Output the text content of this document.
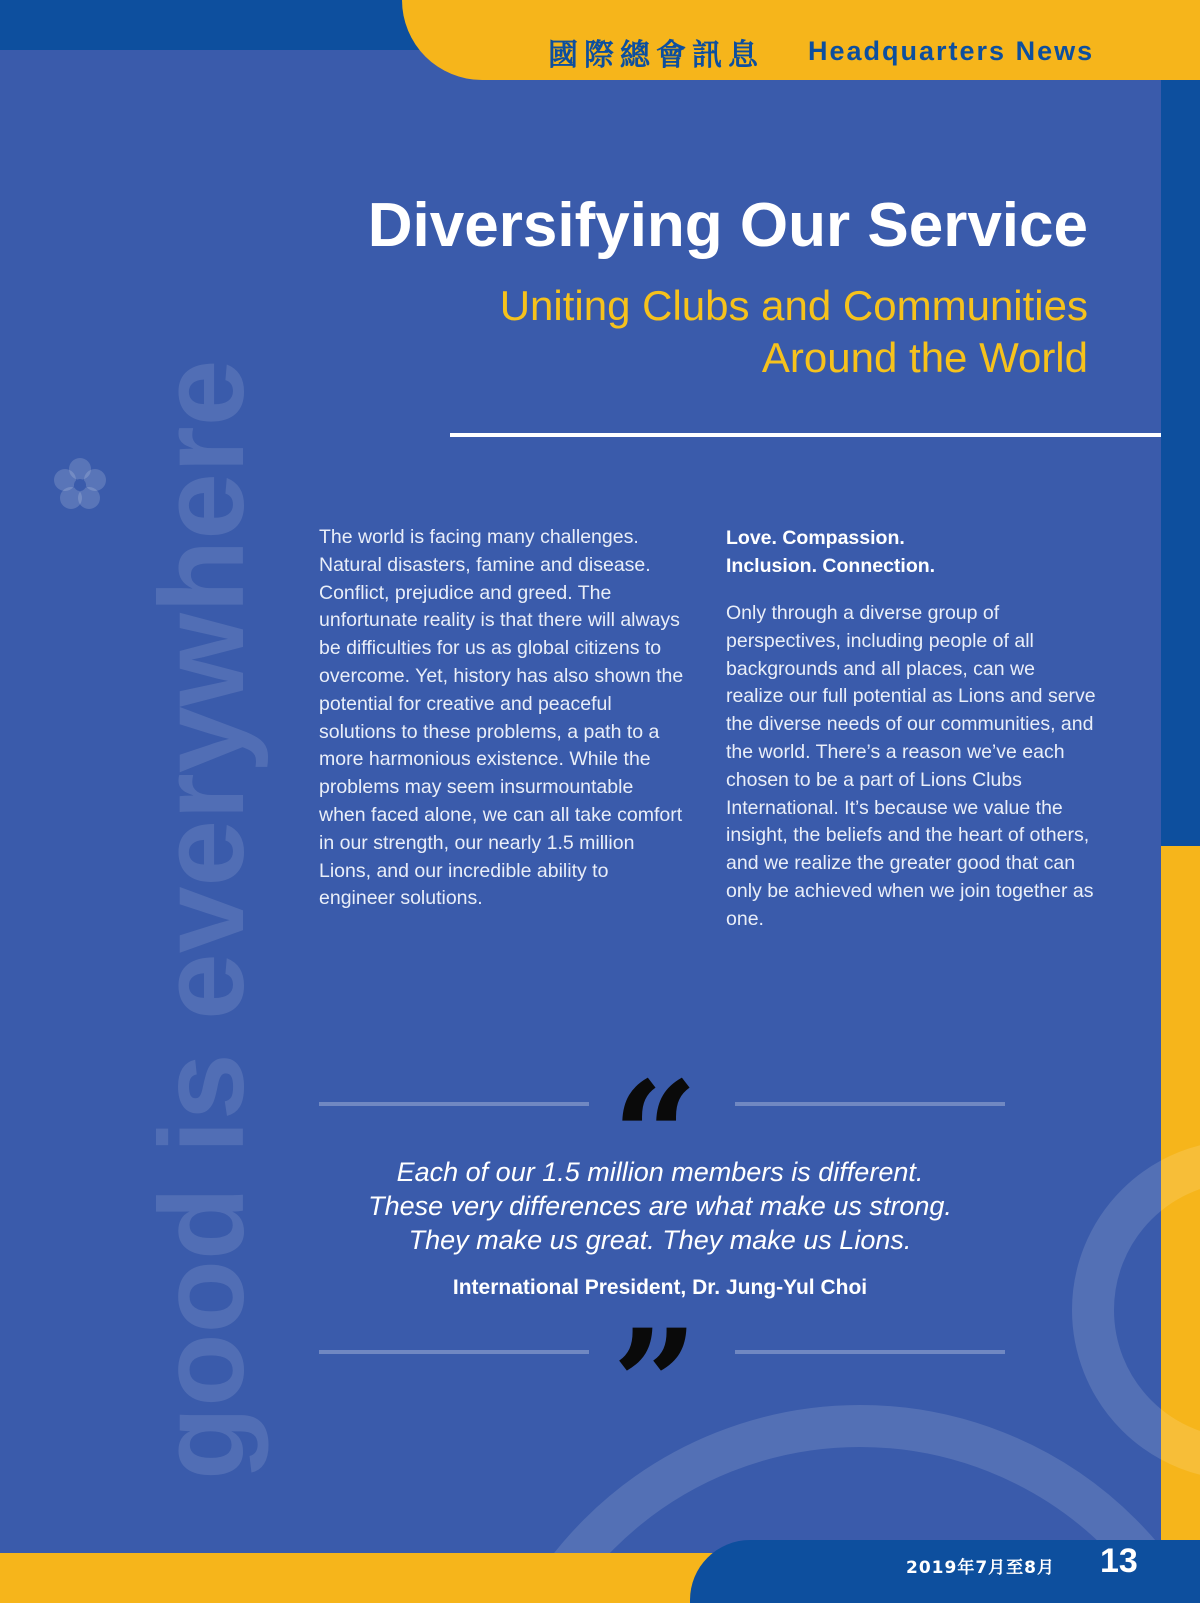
國際總會訊息 Headquarters News
good is everywhere
Diversifying Our Service
Uniting Clubs and Communities
Around the World
The world is facing many challenges. Natural disasters, famine and disease. Conflict, prejudice and greed. The unfortunate reality is that there will always be difficulties for us as global citizens to overcome. Yet, history has also shown the potential for creative and peaceful solutions to these problems, a path to a more harmonious existence. While the problems may seem insurmountable when faced alone, we can all take comfort in our strength, our nearly 1.5 million Lions, and our incredible ability to engineer solutions.
Love. Compassion.
Inclusion. Connection.
Only through a diverse group of perspectives, including people of all backgrounds and all places, can we realize our full potential as Lions and serve the diverse needs of our communities, and the world. There’s a reason we’ve each chosen to be a part of Lions Clubs International. It’s because we value the insight, the beliefs and the heart of others, and we realize the greater good that can only be achieved when we join together as one.
“
Each of our 1.5 million members is different.
These very differences are what make us strong.
They make us great. They make us Lions.
International President, Dr. Jung-Yul Choi
”
2019年7月至8月 13
